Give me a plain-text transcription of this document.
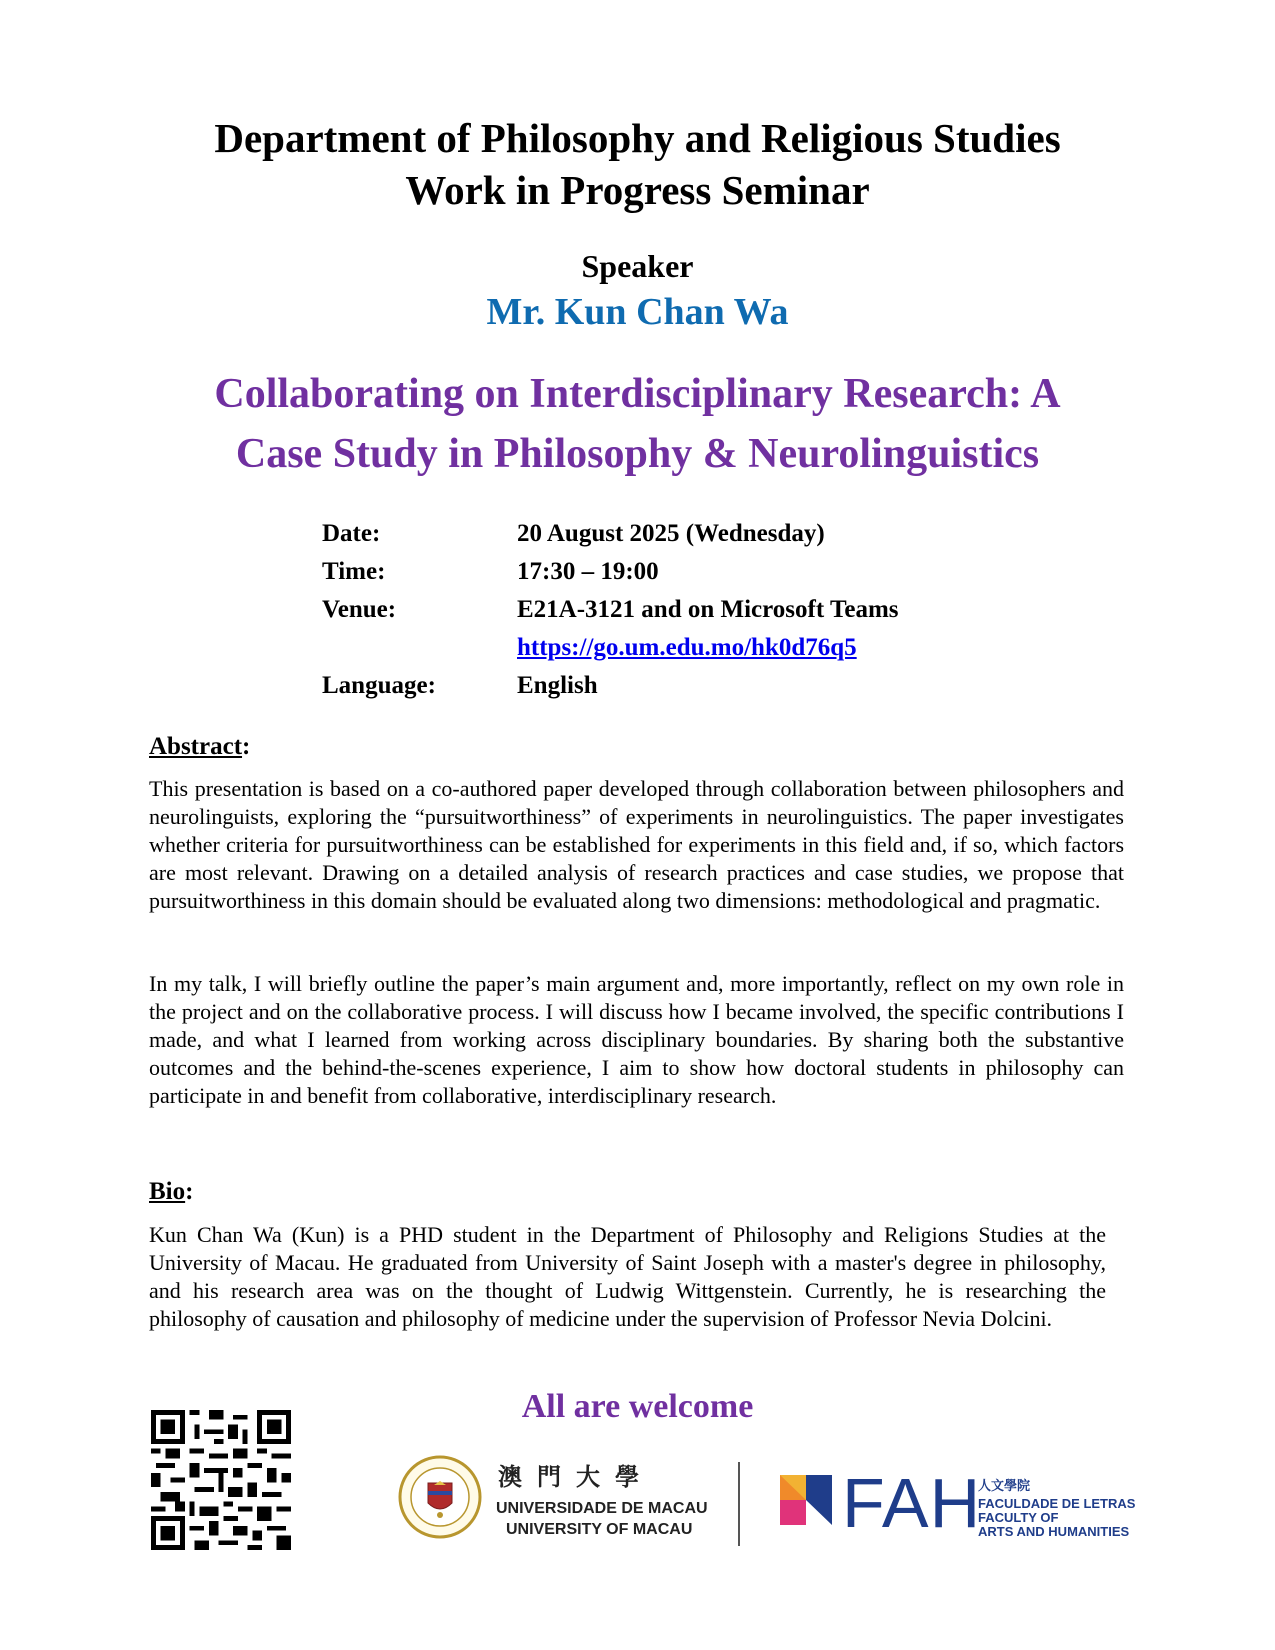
Department of Philosophy and Religious Studies
Work in Progress Seminar
Speaker
Mr. Kun Chan Wa
Collaborating on Interdisciplinary Research: A
Case Study in Philosophy & Neurolinguistics
Date:	20 August 2025 (Wednesday)
Time:	17:30 – 19:00
Venue:	E21A-3121 and on Microsoft Teams
	https://go.um.edu.mo/hk0d76q5
Language:	English
Abstract:
This presentation is based on a co-authored paper developed through collaboration between philosophers and neurolinguists, exploring the “pursuitworthiness” of experiments in neurolinguistics. The paper investigates whether criteria for pursuitworthiness can be established for experiments in this field and, if so, which factors are most relevant. Drawing on a detailed analysis of research practices and case studies, we propose that pursuitworthiness in this domain should be evaluated along two dimensions: methodological and pragmatic.
In my talk, I will briefly outline the paper’s main argument and, more importantly, reflect on my own role in the project and on the collaborative process. I will discuss how I became involved, the specific contributions I made, and what I learned from working across disciplinary boundaries. By sharing both the substantive outcomes and the behind-the-scenes experience, I aim to show how doctoral students in philosophy can participate in and benefit from collaborative, interdisciplinary research.
Bio:
Kun Chan Wa (Kun) is a PHD student in the Department of Philosophy and Religions Studies at the University of Macau. He graduated from University of Saint Joseph with a master's degree in philosophy, and his research area was on the thought of Ludwig Wittgenstein. Currently, he is researching the philosophy of causation and philosophy of medicine under the supervision of Professor Nevia Dolcini.
All are welcome
澳門大學
UNIVERSIDADE DE MACAU
UNIVERSITY OF MACAU FAH
人文學院
FACULDADE DE LETRAS
FACULTY OF
ARTS AND HUMANITIES
